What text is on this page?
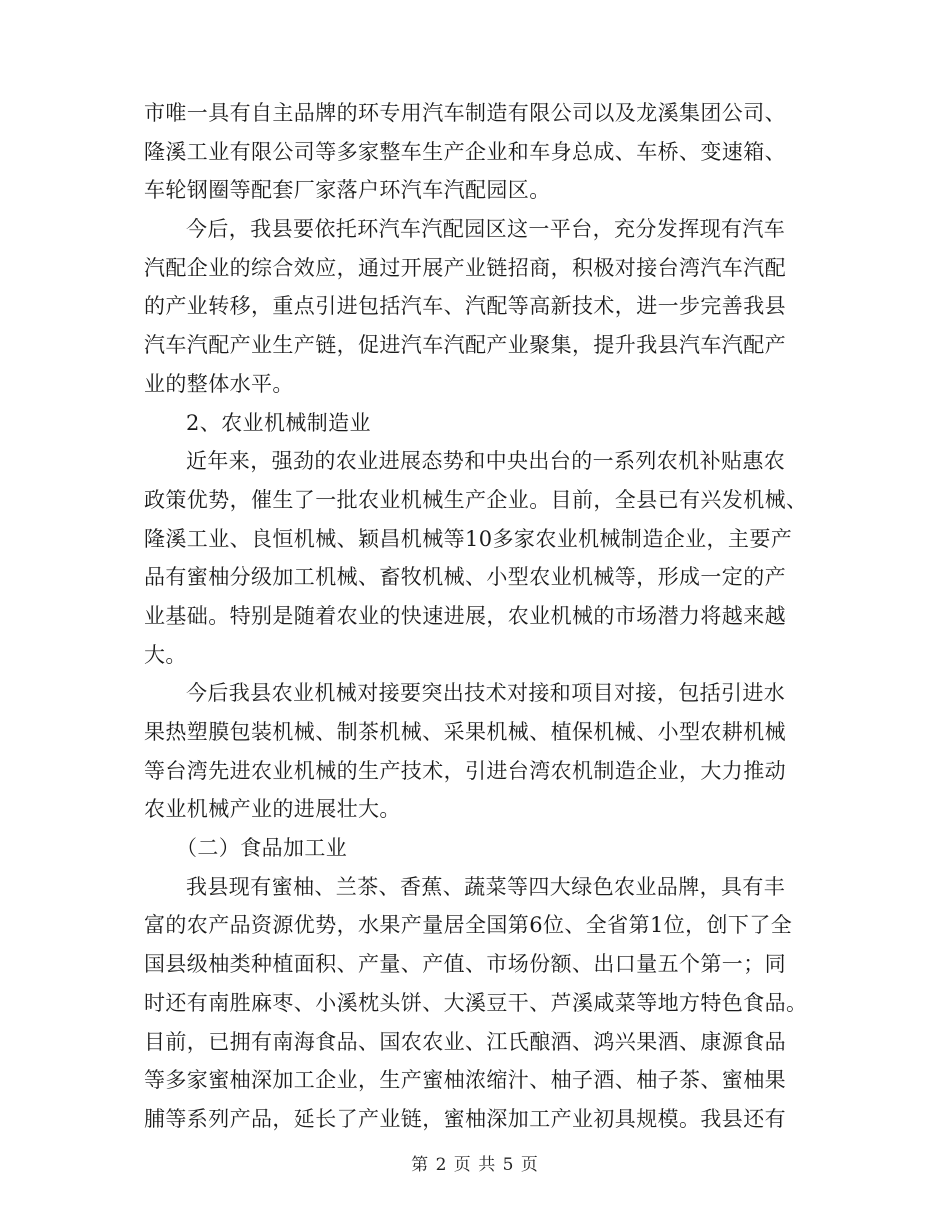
市唯一具有自主品牌的环专用汽车制造有限公司以及龙溪集团公司、
隆溪工业有限公司等多家整车生产企业和车身总成、车桥、变速箱、
车轮钢圈等配套厂家落户环汽车汽配园区。
今后，我县要依托环汽车汽配园区这一平台，充分发挥现有汽车
汽配企业的综合效应，通过开展产业链招商，积极对接台湾汽车汽配
的产业转移，重点引进包括汽车、汽配等高新技术，进一步完善我县
汽车汽配产业生产链，促进汽车汽配产业聚集，提升我县汽车汽配产
业的整体水平。
2、农业机械制造业
近年来，强劲的农业进展态势和中央出台的一系列农机补贴惠农
政策优势，催生了一批农业机械生产企业。目前，全县已有兴发机械、
隆溪工业、良恒机械、颖昌机械等10多家农业机械制造企业，主要产
品有蜜柚分级加工机械、畜牧机械、小型农业机械等，形成一定的产
业基础。特别是随着农业的快速进展，农业机械的市场潜力将越来越
大。
今后我县农业机械对接要突出技术对接和项目对接，包括引进水
果热塑膜包装机械、制茶机械、采果机械、植保机械、小型农耕机械
等台湾先进农业机械的生产技术，引进台湾农机制造企业，大力推动
农业机械产业的进展壮大。
（二）食品加工业
我县现有蜜柚、兰茶、香蕉、蔬菜等四大绿色农业品牌，具有丰
富的农产品资源优势，水果产量居全国第6位、全省第1位，创下了全
国县级柚类种植面积、产量、产值、市场份额、出口量五个第一；同
时还有南胜麻枣、小溪枕头饼、大溪豆干、芦溪咸菜等地方特色食品。
目前，已拥有南海食品、国农农业、江氏酿酒、鸿兴果酒、康源食品
等多家蜜柚深加工企业，生产蜜柚浓缩汁、柚子酒、柚子茶、蜜柚果
脯等系列产品，延长了产业链，蜜柚深加工产业初具规模。我县还有
第 2 页 共 5 页
